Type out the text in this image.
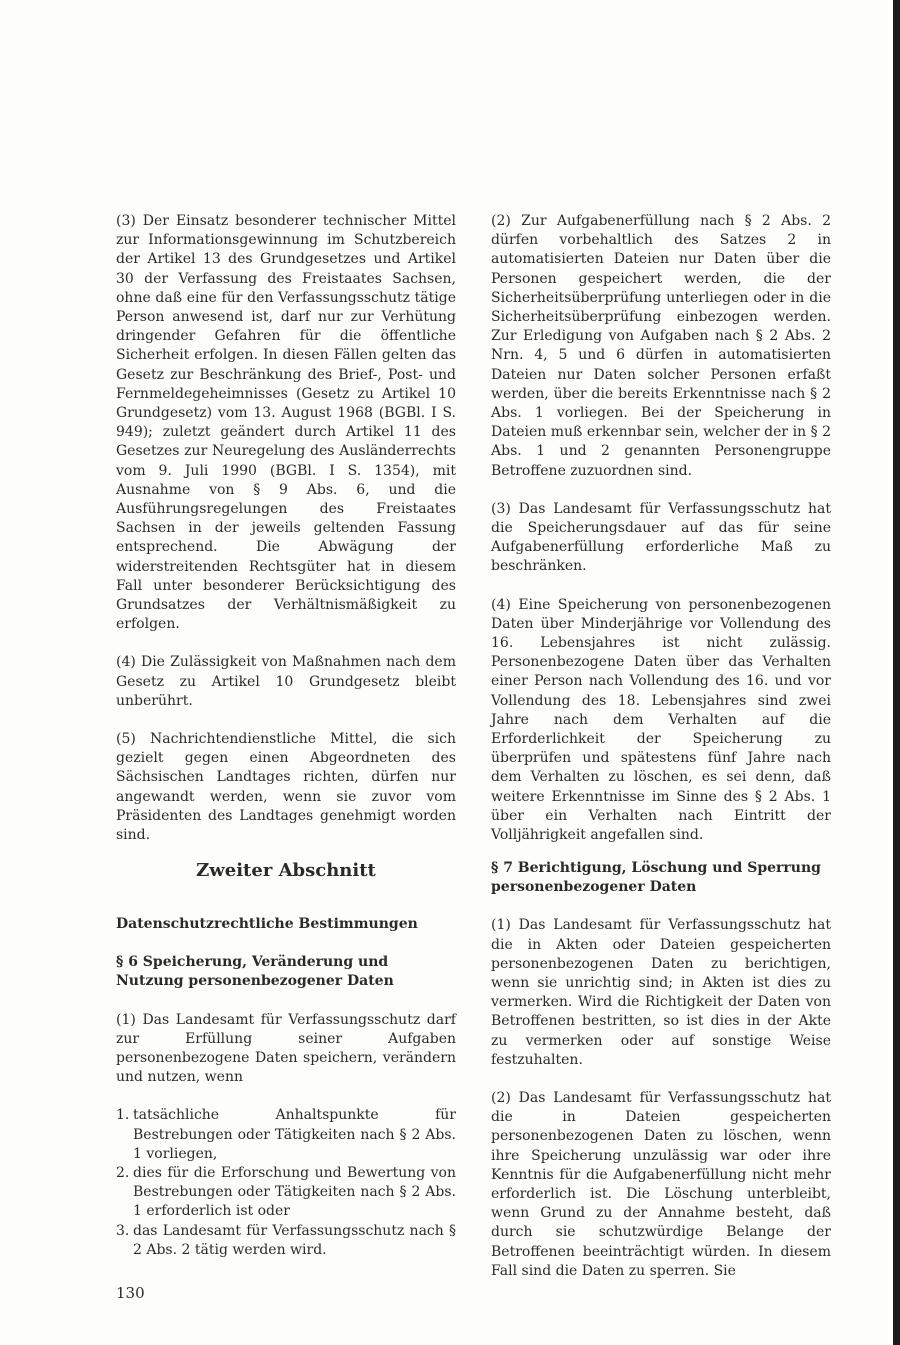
(3) Der Einsatz besonderer technischer Mittel zur Informationsgewinnung im Schutzbereich der Artikel 13 des Grundgesetzes und Artikel 30 der Verfassung des Freistaates Sachsen, ohne daß eine für den Verfassungsschutz tätige Person anwesend ist, darf nur zur Verhütung dringender Gefahren für die öffentliche Sicherheit erfolgen. In diesen Fällen gelten das Gesetz zur Beschränkung des Brief-, Post- und Fernmeldegeheimnisses (Gesetz zu Artikel 10 Grundgesetz) vom 13. August 1968 (BGBl. I S. 949); zuletzt geändert durch Artikel 11 des Gesetzes zur Neuregelung des Ausländerrechts vom 9. Juli 1990 (BGBl. I S. 1354), mit Ausnahme von § 9 Abs. 6, und die Ausführungsregelungen des Freistaates Sachsen in der jeweils geltenden Fassung entsprechend. Die Abwägung der widerstreitenden Rechtsgüter hat in diesem Fall unter besonderer Berücksichtigung des Grundsatzes der Verhältnismäßigkeit zu erfolgen.

(4) Die Zulässigkeit von Maßnahmen nach dem Gesetz zu Artikel 10 Grundgesetz bleibt unberührt.

(5) Nachrichtendienstliche Mittel, die sich gezielt gegen einen Abgeordneten des Sächsischen Landtages richten, dürfen nur angewandt werden, wenn sie zuvor vom Präsidenten des Landtages genehmigt worden sind.

(2) Zur Aufgabenerfüllung nach § 2 Abs. 2 dürfen vorbehaltlich des Satzes 2 in automatisierten Dateien nur Daten über die Personen gespeichert werden, die der Sicherheitsüberprüfung unterliegen oder in die Sicherheitsüberprüfung einbezogen werden. Zur Erledigung von Aufgaben nach § 2 Abs. 2 Nrn. 4, 5 und 6 dürfen in automatisierten Dateien nur Daten solcher Personen erfaßt werden, über die bereits Erkenntnisse nach § 2 Abs. 1 vorliegen. Bei der Speicherung in Dateien muß erkennbar sein, welcher der in § 2 Abs. 1 und 2 genannten Personengruppe Betroffene zuzuordnen sind.

(3) Das Landesamt für Verfassungsschutz hat die Speicherungsdauer auf das für seine Aufgabenerfüllung erforderliche Maß zu beschränken.

(4) Eine Speicherung von personenbezogenen Daten über Minderjährige vor Vollendung des 16. Lebensjahres ist nicht zulässig. Personenbezogene Daten über das Verhalten einer Person nach Vollendung des 16. und vor Vollendung des 18. Lebensjahres sind zwei Jahre nach dem Verhalten auf die Erforderlichkeit der Speicherung zu überprüfen und spätestens fünf Jahre nach dem Verhalten zu löschen, es sei denn, daß weitere Erkenntnisse im Sinne des § 2 Abs. 1 über ein Verhalten nach Eintritt der Volljährigkeit angefallen sind.

Zweiter Abschnitt

Datenschutzrechtliche Bestimmungen

§ 6 Speicherung, Veränderung und Nutzung personenbezogener Daten

(1) Das Landesamt für Verfassungsschutz darf zur Erfüllung seiner Aufgaben personenbezogene Daten speichern, verändern und nutzen, wenn

1. tatsächliche Anhaltspunkte für Bestrebungen oder Tätigkeiten nach § 2 Abs. 1 vorliegen,
2. dies für die Erforschung und Bewertung von Bestrebungen oder Tätigkeiten nach § 2 Abs. 1 erforderlich ist oder
3. das Landesamt für Verfassungsschutz nach § 2 Abs. 2 tätig werden wird.

§ 7 Berichtigung, Löschung und Sperrung personenbezogener Daten

(1) Das Landesamt für Verfassungsschutz hat die in Akten oder Dateien gespeicherten personenbezogenen Daten zu berichtigen, wenn sie unrichtig sind; in Akten ist dies zu vermerken. Wird die Richtigkeit der Daten von Betroffenen bestritten, so ist dies in der Akte zu vermerken oder auf sonstige Weise festzuhalten.

(2) Das Landesamt für Verfassungsschutz hat die in Dateien gespeicherten personenbezogenen Daten zu löschen, wenn ihre Speicherung unzulässig war oder ihre Kenntnis für die Aufgabenerfüllung nicht mehr erforderlich ist. Die Löschung unterbleibt, wenn Grund zu der Annahme besteht, daß durch sie schutzwürdige Belange der Betroffenen beeinträchtigt würden. In diesem Fall sind die Daten zu sperren. Sie

130
